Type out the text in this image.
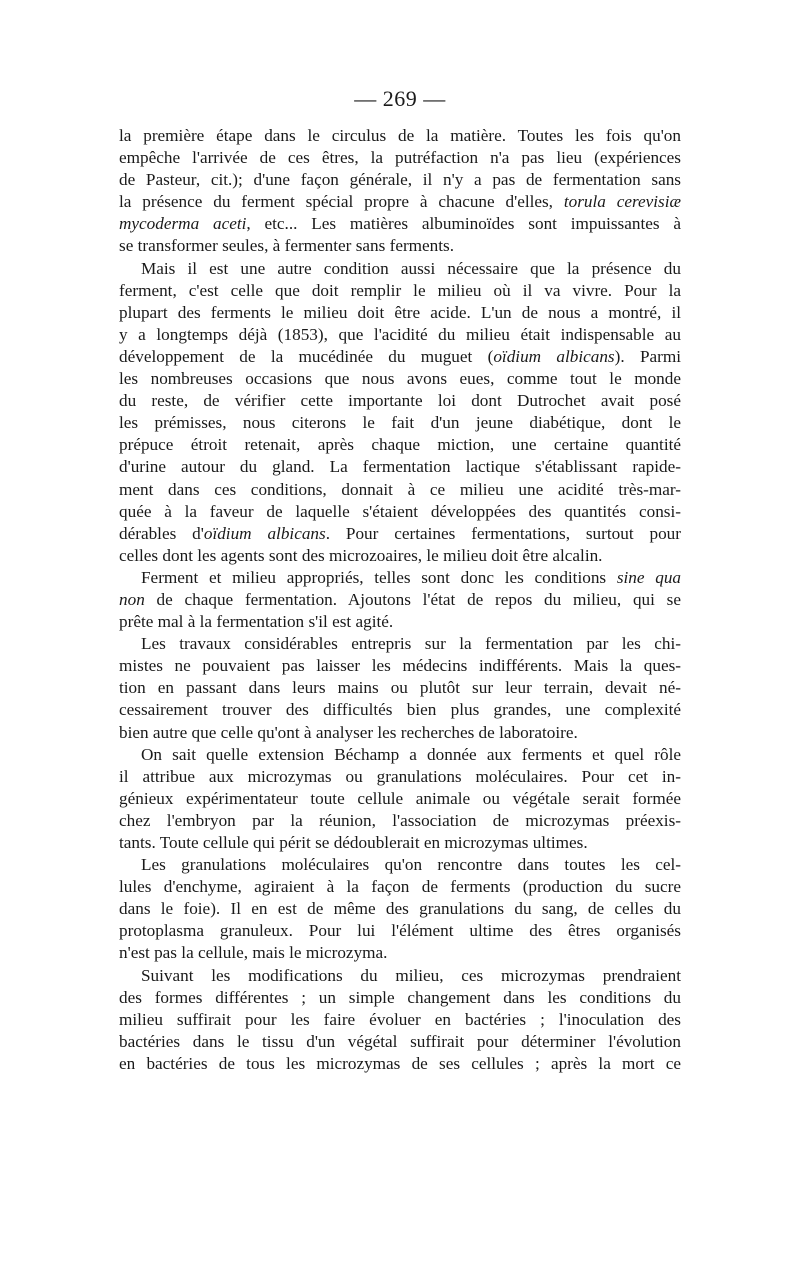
— 269 —

la première étape dans le circulus de la matière. Toutes les fois qu'on
empêche l'arrivée de ces êtres, la putréfaction n'a pas lieu (expériences
de Pasteur, cit.); d'une façon générale, il n'y a pas de fermentation sans
la présence du ferment spécial propre à chacune d'elles, torula cerevisiæ
mycoderma aceti, etc... Les matières albuminoïdes sont impuissantes à
se transformer seules, à fermenter sans ferments.

Mais il est une autre condition aussi nécessaire que la présence du
ferment, c'est celle que doit remplir le milieu où il va vivre. Pour la
plupart des ferments le milieu doit être acide. L'un de nous a montré, il
y a longtemps déjà (1853), que l'acidité du milieu était indispensable au
développement de la mucédinée du muguet (oïdium albicans). Parmi
les nombreuses occasions que nous avons eues, comme tout le monde
du reste, de vérifier cette importante loi dont Dutrochet avait posé
les prémisses, nous citerons le fait d'un jeune diabétique, dont le
prépuce étroit retenait, après chaque miction, une certaine quantité
d'urine autour du gland. La fermentation lactique s'établissant rapide-
ment dans ces conditions, donnait à ce milieu une acidité très-mar-
quée à la faveur de laquelle s'étaient développées des quantités consi-
dérables d'oïdium albicans. Pour certaines fermentations, surtout pour
celles dont les agents sont des microzoaires, le milieu doit être alcalin.

Ferment et milieu appropriés, telles sont donc les conditions sine qua
non de chaque fermentation. Ajoutons l'état de repos du milieu, qui se
prête mal à la fermentation s'il est agité.

Les travaux considérables entrepris sur la fermentation par les chi-
mistes ne pouvaient pas laisser les médecins indifférents. Mais la ques-
tion en passant dans leurs mains ou plutôt sur leur terrain, devait né-
cessairement trouver des difficultés bien plus grandes, une complexité
bien autre que celle qu'ont à analyser les recherches de laboratoire.

On sait quelle extension Béchamp a donnée aux ferments et quel rôle
il attribue aux microzymas ou granulations moléculaires. Pour cet in-
génieux expérimentateur toute cellule animale ou végétale serait formée
chez l'embryon par la réunion, l'association de microzymas préexis-
tants. Toute cellule qui périt se dédoublerait en microzymas ultimes.

Les granulations moléculaires qu'on rencontre dans toutes les cel-
lules d'enchyme, agiraient à la façon de ferments (production du sucre
dans le foie). Il en est de même des granulations du sang, de celles du
protoplasma granuleux. Pour lui l'élément ultime des êtres organisés
n'est pas la cellule, mais le microzyma.

Suivant les modifications du milieu, ces microzymas prendraient
des formes différentes ; un simple changement dans les conditions du
milieu suffirait pour les faire évoluer en bactéries ; l'inoculation des
bactéries dans le tissu d'un végétal suffirait pour déterminer l'évolution
en bactéries de tous les microzymas de ses cellules ; après la mort ce
